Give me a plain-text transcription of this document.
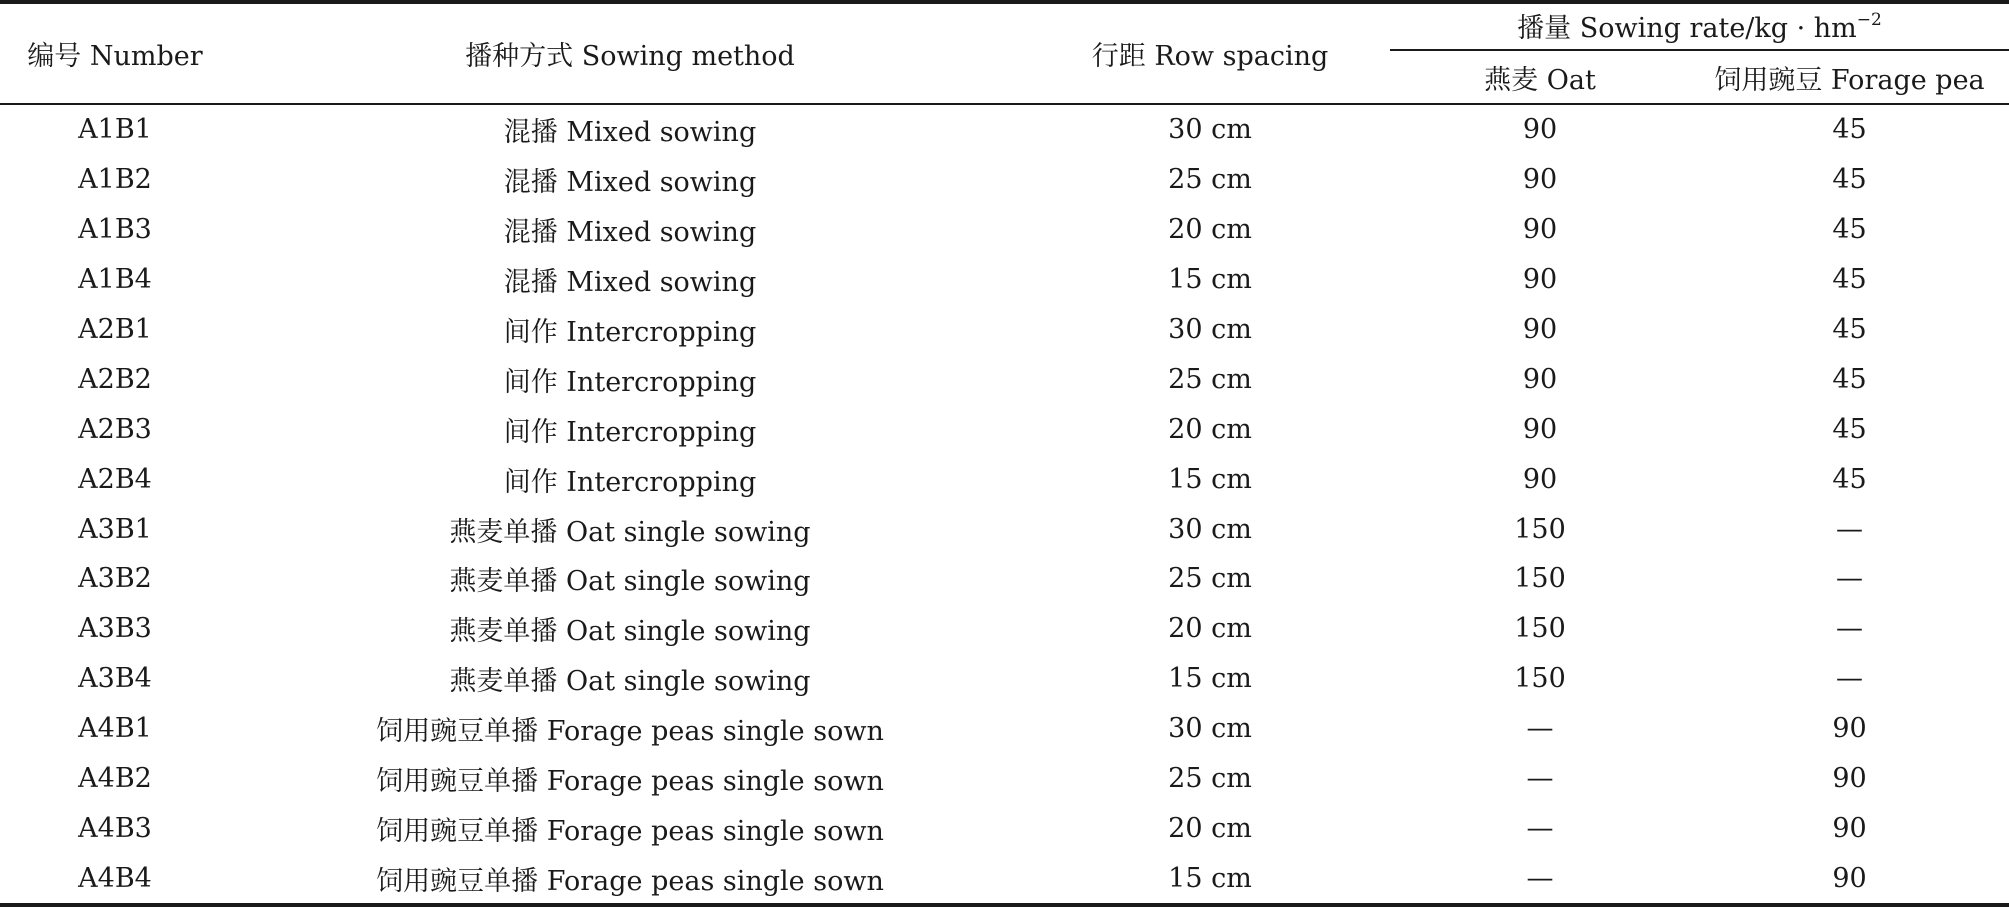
编号 Number	播种方式 Sowing method	行距 Row spacing	播量 Sowing rate/kg · $hm^{-2}$

			燕麦 Oat	饲用豌豆 Forage pea
A1B1	混播 Mixed sowing	30 cm	90	45
A1B2	混播 Mixed sowing	25 cm	90	45
A1B3	混播 Mixed sowing	20 cm	90	45
A1B4	混播 Mixed sowing	15 cm	90	45
A2B1	间作 Intercropping	30 cm	90	45
A2B2	间作 Intercropping	25 cm	90	45
A2B3	间作 Intercropping	20 cm	90	45
A2B4	间作 Intercropping	15 cm	90	45
A3B1	燕麦单播 Oat single sowing	30 cm	150	—
A3B2	燕麦单播 Oat single sowing	25 cm	150	—
A3B3	燕麦单播 Oat single sowing	20 cm	150	—
A3B4	燕麦单播 Oat single sowing	15 cm	150	—
A4B1	饲用豌豆单播 Forage peas single sown	30 cm	—	90
A4B2	饲用豌豆单播 Forage peas single sown	25 cm	—	90
A4B3	饲用豌豆单播 Forage peas single sown	20 cm	—	90
A4B4	饲用豌豆单播 Forage peas single sown	15 cm	—	90
